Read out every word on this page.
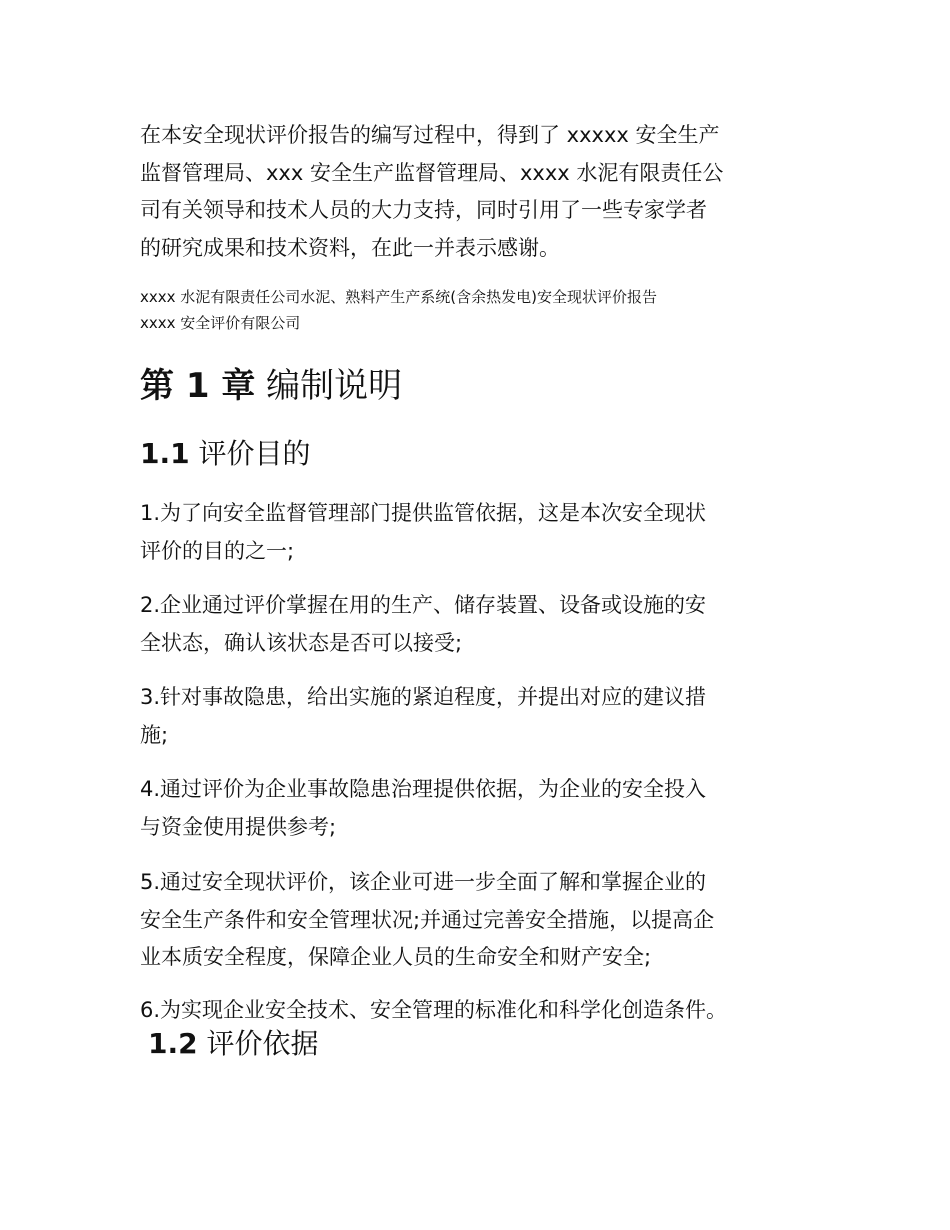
在本安全现状评价报告的编写过程中，得到了 xxxxx 安全生产
监督管理局、xxx 安全生产监督管理局、xxxx 水泥有限责任公
司有关领导和技术人员的大力支持，同时引用了一些专家学者
的研究成果和技术资料，在此一并表示感谢。

xxxx 水泥有限责任公司水泥、熟料产生产系统(含余热发电)安全现状评价报告
xxxx 安全评价有限公司
第 1 章 编制说明
1.1 评价目的

1.为了向安全监督管理部门提供监管依据，这是本次安全现状
评价的目的之一;

2.企业通过评价掌握在用的生产、储存装置、设备或设施的安
全状态，确认该状态是否可以接受;

3.针对事故隐患，给出实施的紧迫程度，并提出对应的建议措
施;

4.通过评价为企业事故隐患治理提供依据，为企业的安全投入
与资金使用提供参考;

5.通过安全现状评价，该企业可进一步全面了解和掌握企业的
安全生产条件和安全管理状况;并通过完善安全措施，以提高企
业本质安全程度，保障企业人员的生命安全和财产安全;

6.为实现企业安全技术、安全管理的标准化和科学化创造条件。

1.2 评价依据
